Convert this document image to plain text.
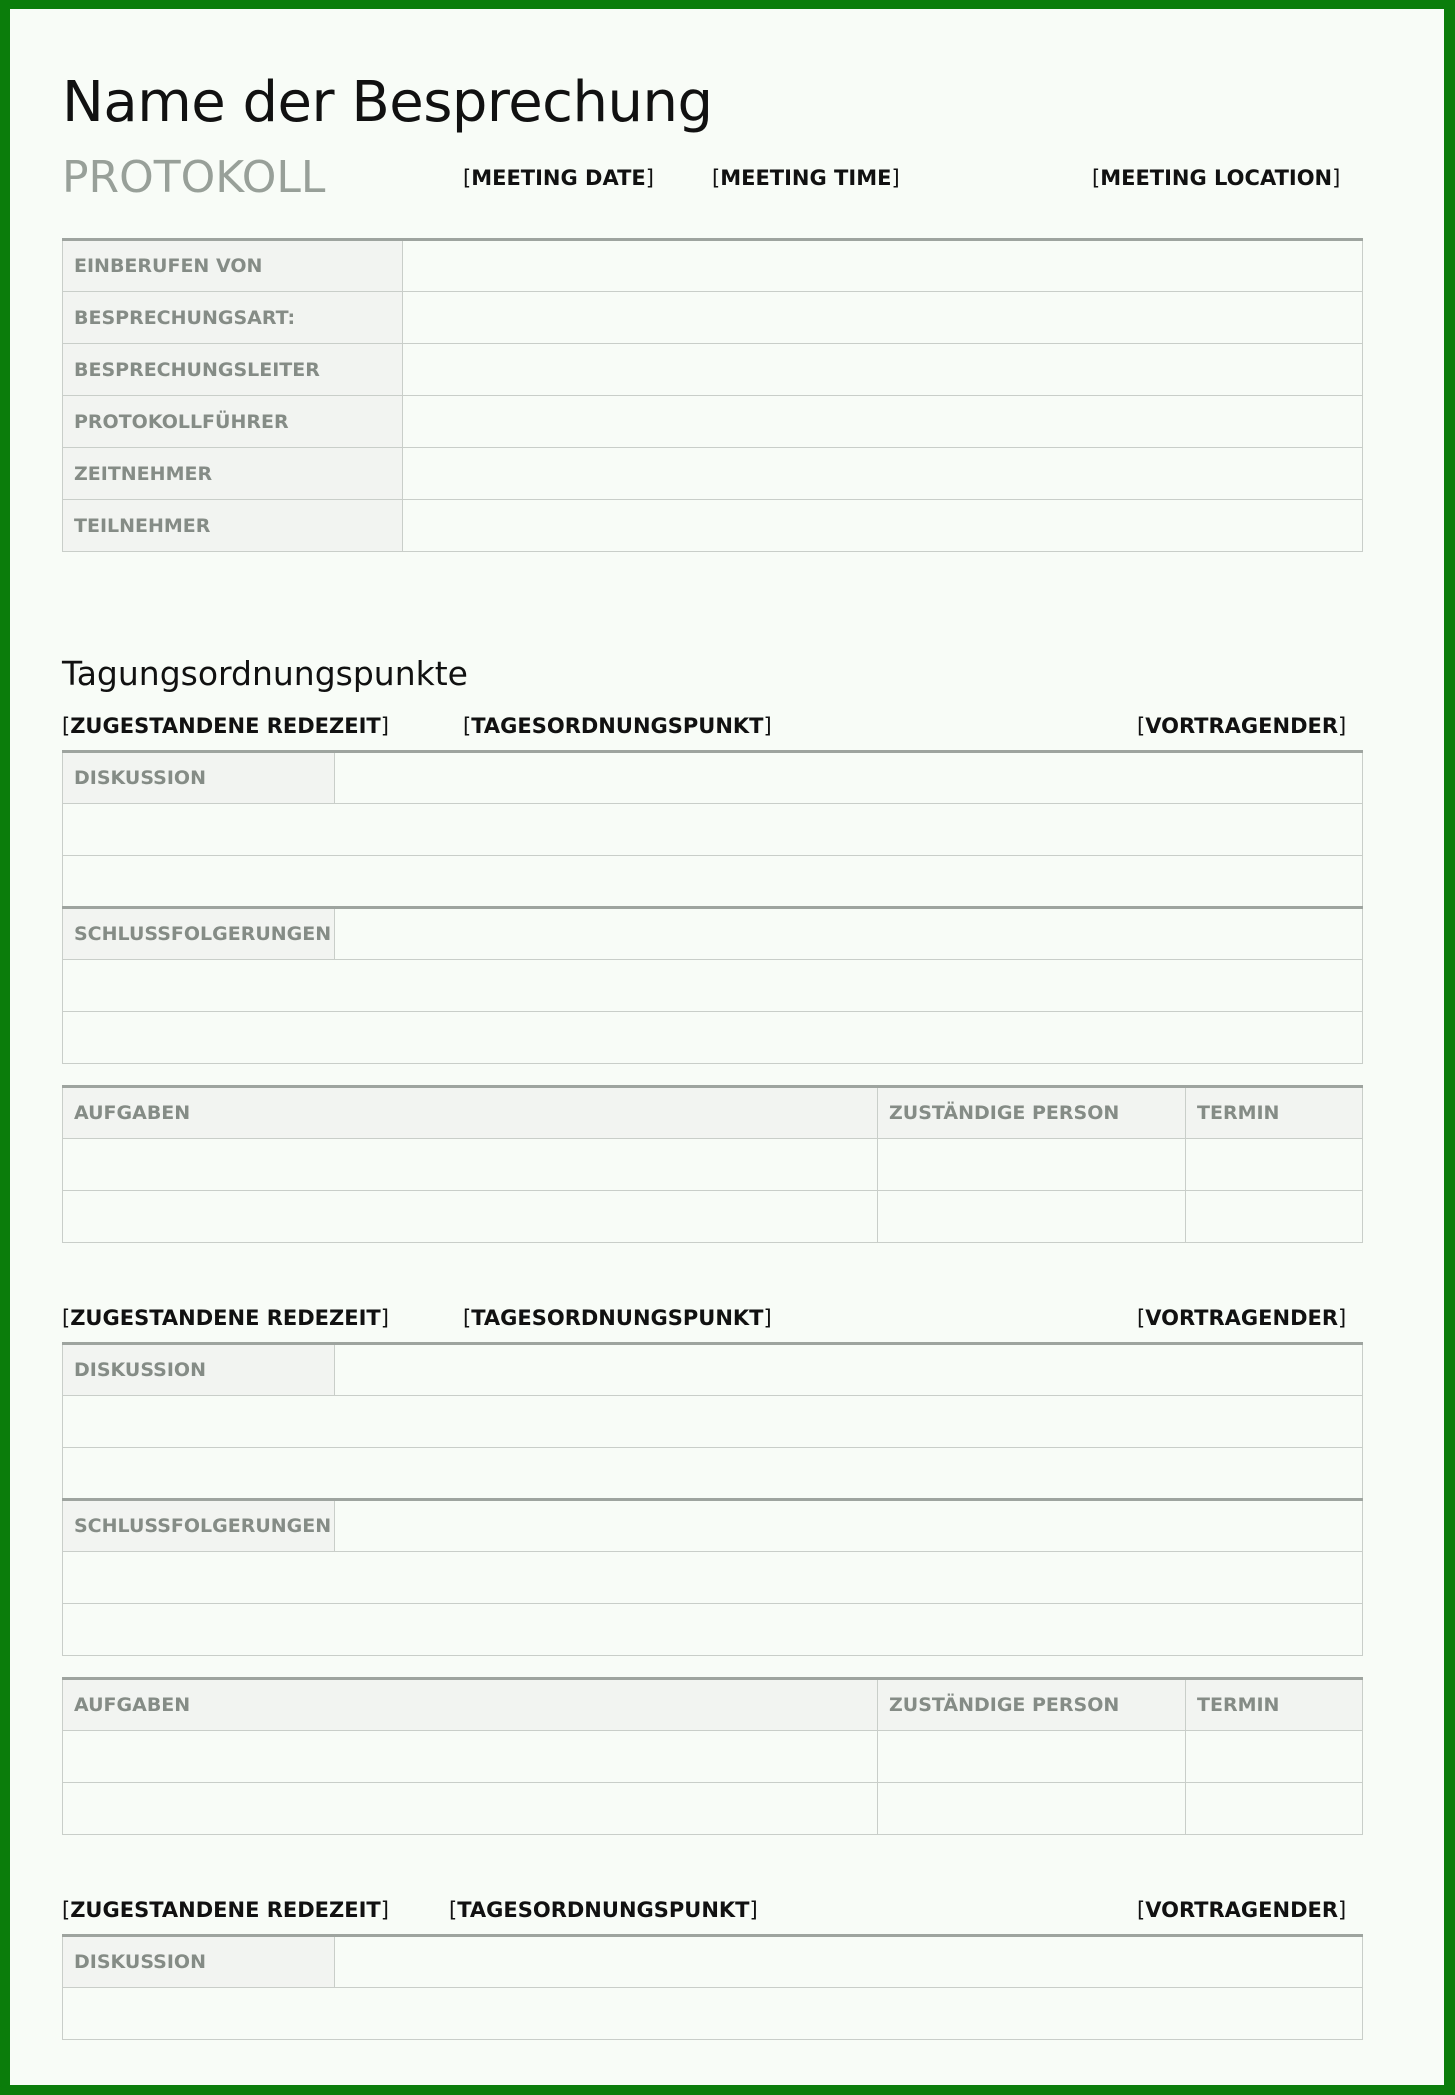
Name der Besprechung
PROTOKOLL	[MEETING DATE]	[MEETING TIME]	[MEETING LOCATION]
EINBERUFEN VON	
BESPRECHUNGSART:	
BESPRECHUNGSLEITER	
PROTOKOLLFÜHRER	
ZEITNEHMER	
TEILNEHMER	
Tagungsordnungspunkte
[ZUGESTANDENE REDEZEIT]	[TAGESORDNUNGSPUNKT]	[VORTRAGENDER]
DISKUSSION	

SCHLUSSFOLGERUNGEN	

AUFGABEN	ZUSTÄNDIGE PERSON	TERMIN

[ZUGESTANDENE REDEZEIT]	[TAGESORDNUNGSPUNKT]	[VORTRAGENDER]
DISKUSSION	

SCHLUSSFOLGERUNGEN	

AUFGABEN	ZUSTÄNDIGE PERSON	TERMIN

[ZUGESTANDENE REDEZEIT]	[TAGESORDNUNGSPUNKT]	[VORTRAGENDER]
DISKUSSION	
